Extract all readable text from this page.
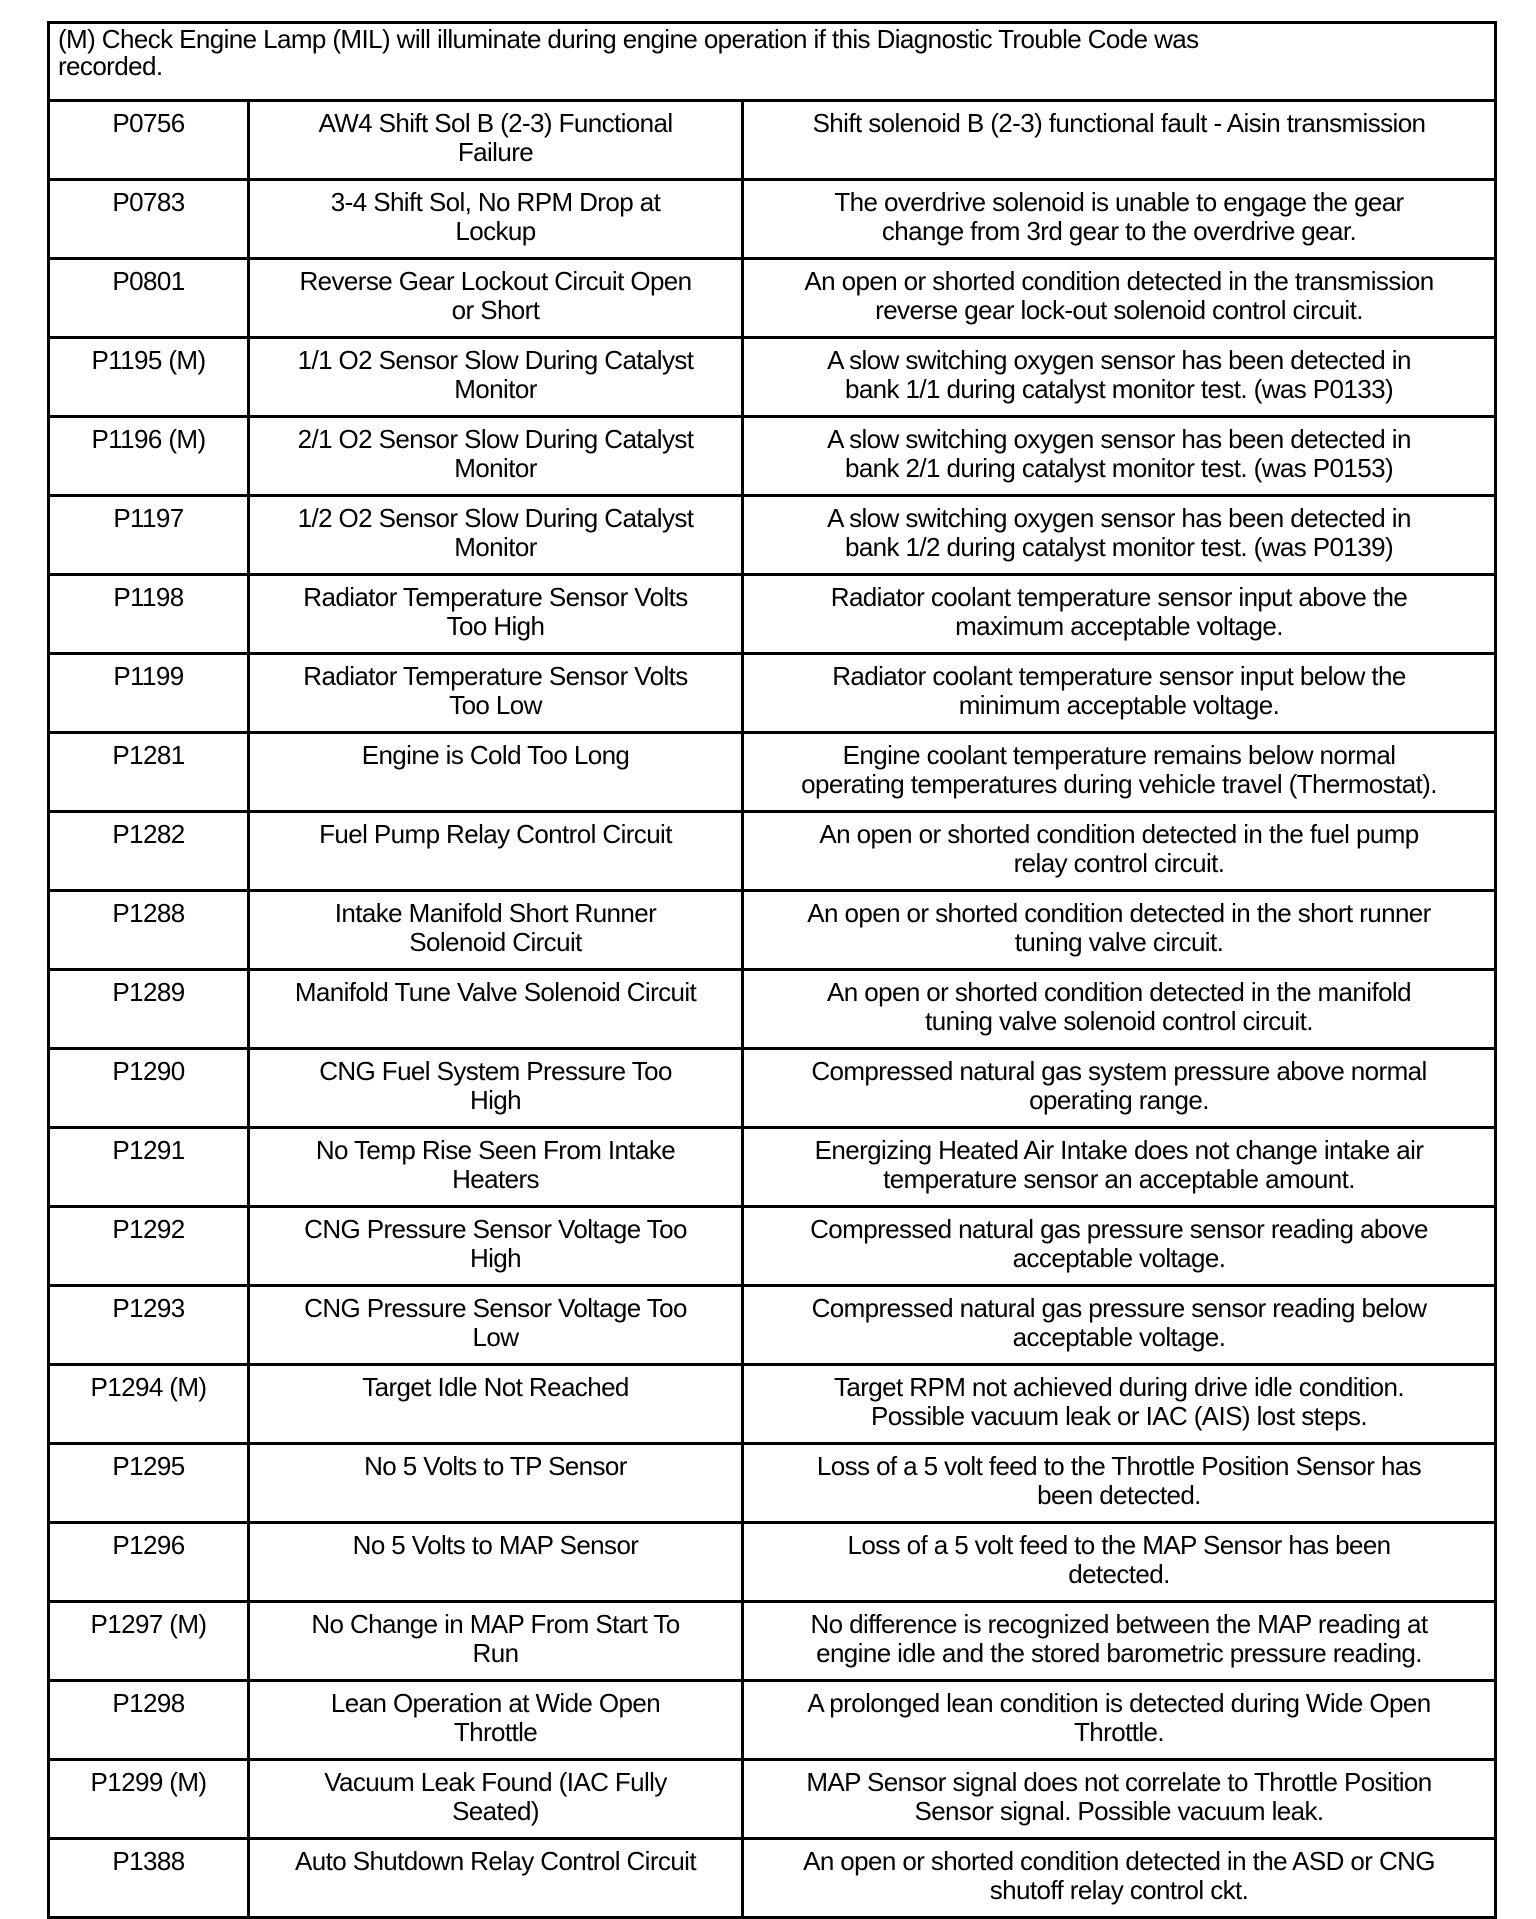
(M) Check Engine Lamp (MIL) will illuminate during engine operation if this Diagnostic Trouble Code was
recorded.		

P0756	AW4 Shift Sol B (2-3) Functional
Failure	Shift solenoid B (2-3) functional fault - Aisin transmission

P0783	3-4 Shift Sol, No RPM Drop at
Lockup	The overdrive solenoid is unable to engage the gear
change from 3rd gear to the overdrive gear.

P0801	Reverse Gear Lockout Circuit Open
or Short	An open or shorted condition detected in the transmission
reverse gear lock-out solenoid control circuit.

P1195 (M)	1/1 O2 Sensor Slow During Catalyst
Monitor	A slow switching oxygen sensor has been detected in
bank 1/1 during catalyst monitor test. (was P0133)

P1196 (M)	2/1 O2 Sensor Slow During Catalyst
Monitor	A slow switching oxygen sensor has been detected in
bank 2/1 during catalyst monitor test. (was P0153)

P1197	1/2 O2 Sensor Slow During Catalyst
Monitor	A slow switching oxygen sensor has been detected in
bank 1/2 during catalyst monitor test. (was P0139)

P1198	Radiator Temperature Sensor Volts
Too High	Radiator coolant temperature sensor input above the
maximum acceptable voltage.

P1199	Radiator Temperature Sensor Volts
Too Low	Radiator coolant temperature sensor input below the
minimum acceptable voltage.

P1281	Engine is Cold Too Long	Engine coolant temperature remains below normal
operating temperatures during vehicle travel (Thermostat).

P1282	Fuel Pump Relay Control Circuit	An open or shorted condition detected in the fuel pump
relay control circuit.

P1288	Intake Manifold Short Runner
Solenoid Circuit	An open or shorted condition detected in the short runner
tuning valve circuit.

P1289	Manifold Tune Valve Solenoid Circuit	An open or shorted condition detected in the manifold
tuning valve solenoid control circuit.

P1290	CNG Fuel System Pressure Too
High	Compressed natural gas system pressure above normal
operating range.

P1291	No Temp Rise Seen From Intake
Heaters	Energizing Heated Air Intake does not change intake air
temperature sensor an acceptable amount.

P1292	CNG Pressure Sensor Voltage Too
High	Compressed natural gas pressure sensor reading above
acceptable voltage.

P1293	CNG Pressure Sensor Voltage Too
Low	Compressed natural gas pressure sensor reading below
acceptable voltage.

P1294 (M)	Target Idle Not Reached	Target RPM not achieved during drive idle condition.
Possible vacuum leak or IAC (AIS) lost steps.

P1295	No 5 Volts to TP Sensor	Loss of a 5 volt feed to the Throttle Position Sensor has
been detected.

P1296	No 5 Volts to MAP Sensor	Loss of a 5 volt feed to the MAP Sensor has been
detected.

P1297 (M)	No Change in MAP From Start To
Run	No difference is recognized between the MAP reading at
engine idle and the stored barometric pressure reading.

P1298	Lean Operation at Wide Open
Throttle	A prolonged lean condition is detected during Wide Open
Throttle.

P1299 (M)	Vacuum Leak Found (IAC Fully
Seated)	MAP Sensor signal does not correlate to Throttle Position
Sensor signal. Possible vacuum leak.

P1388	Auto Shutdown Relay Control Circuit	An open or shorted condition detected in the ASD or CNG
shutoff relay control ckt.
